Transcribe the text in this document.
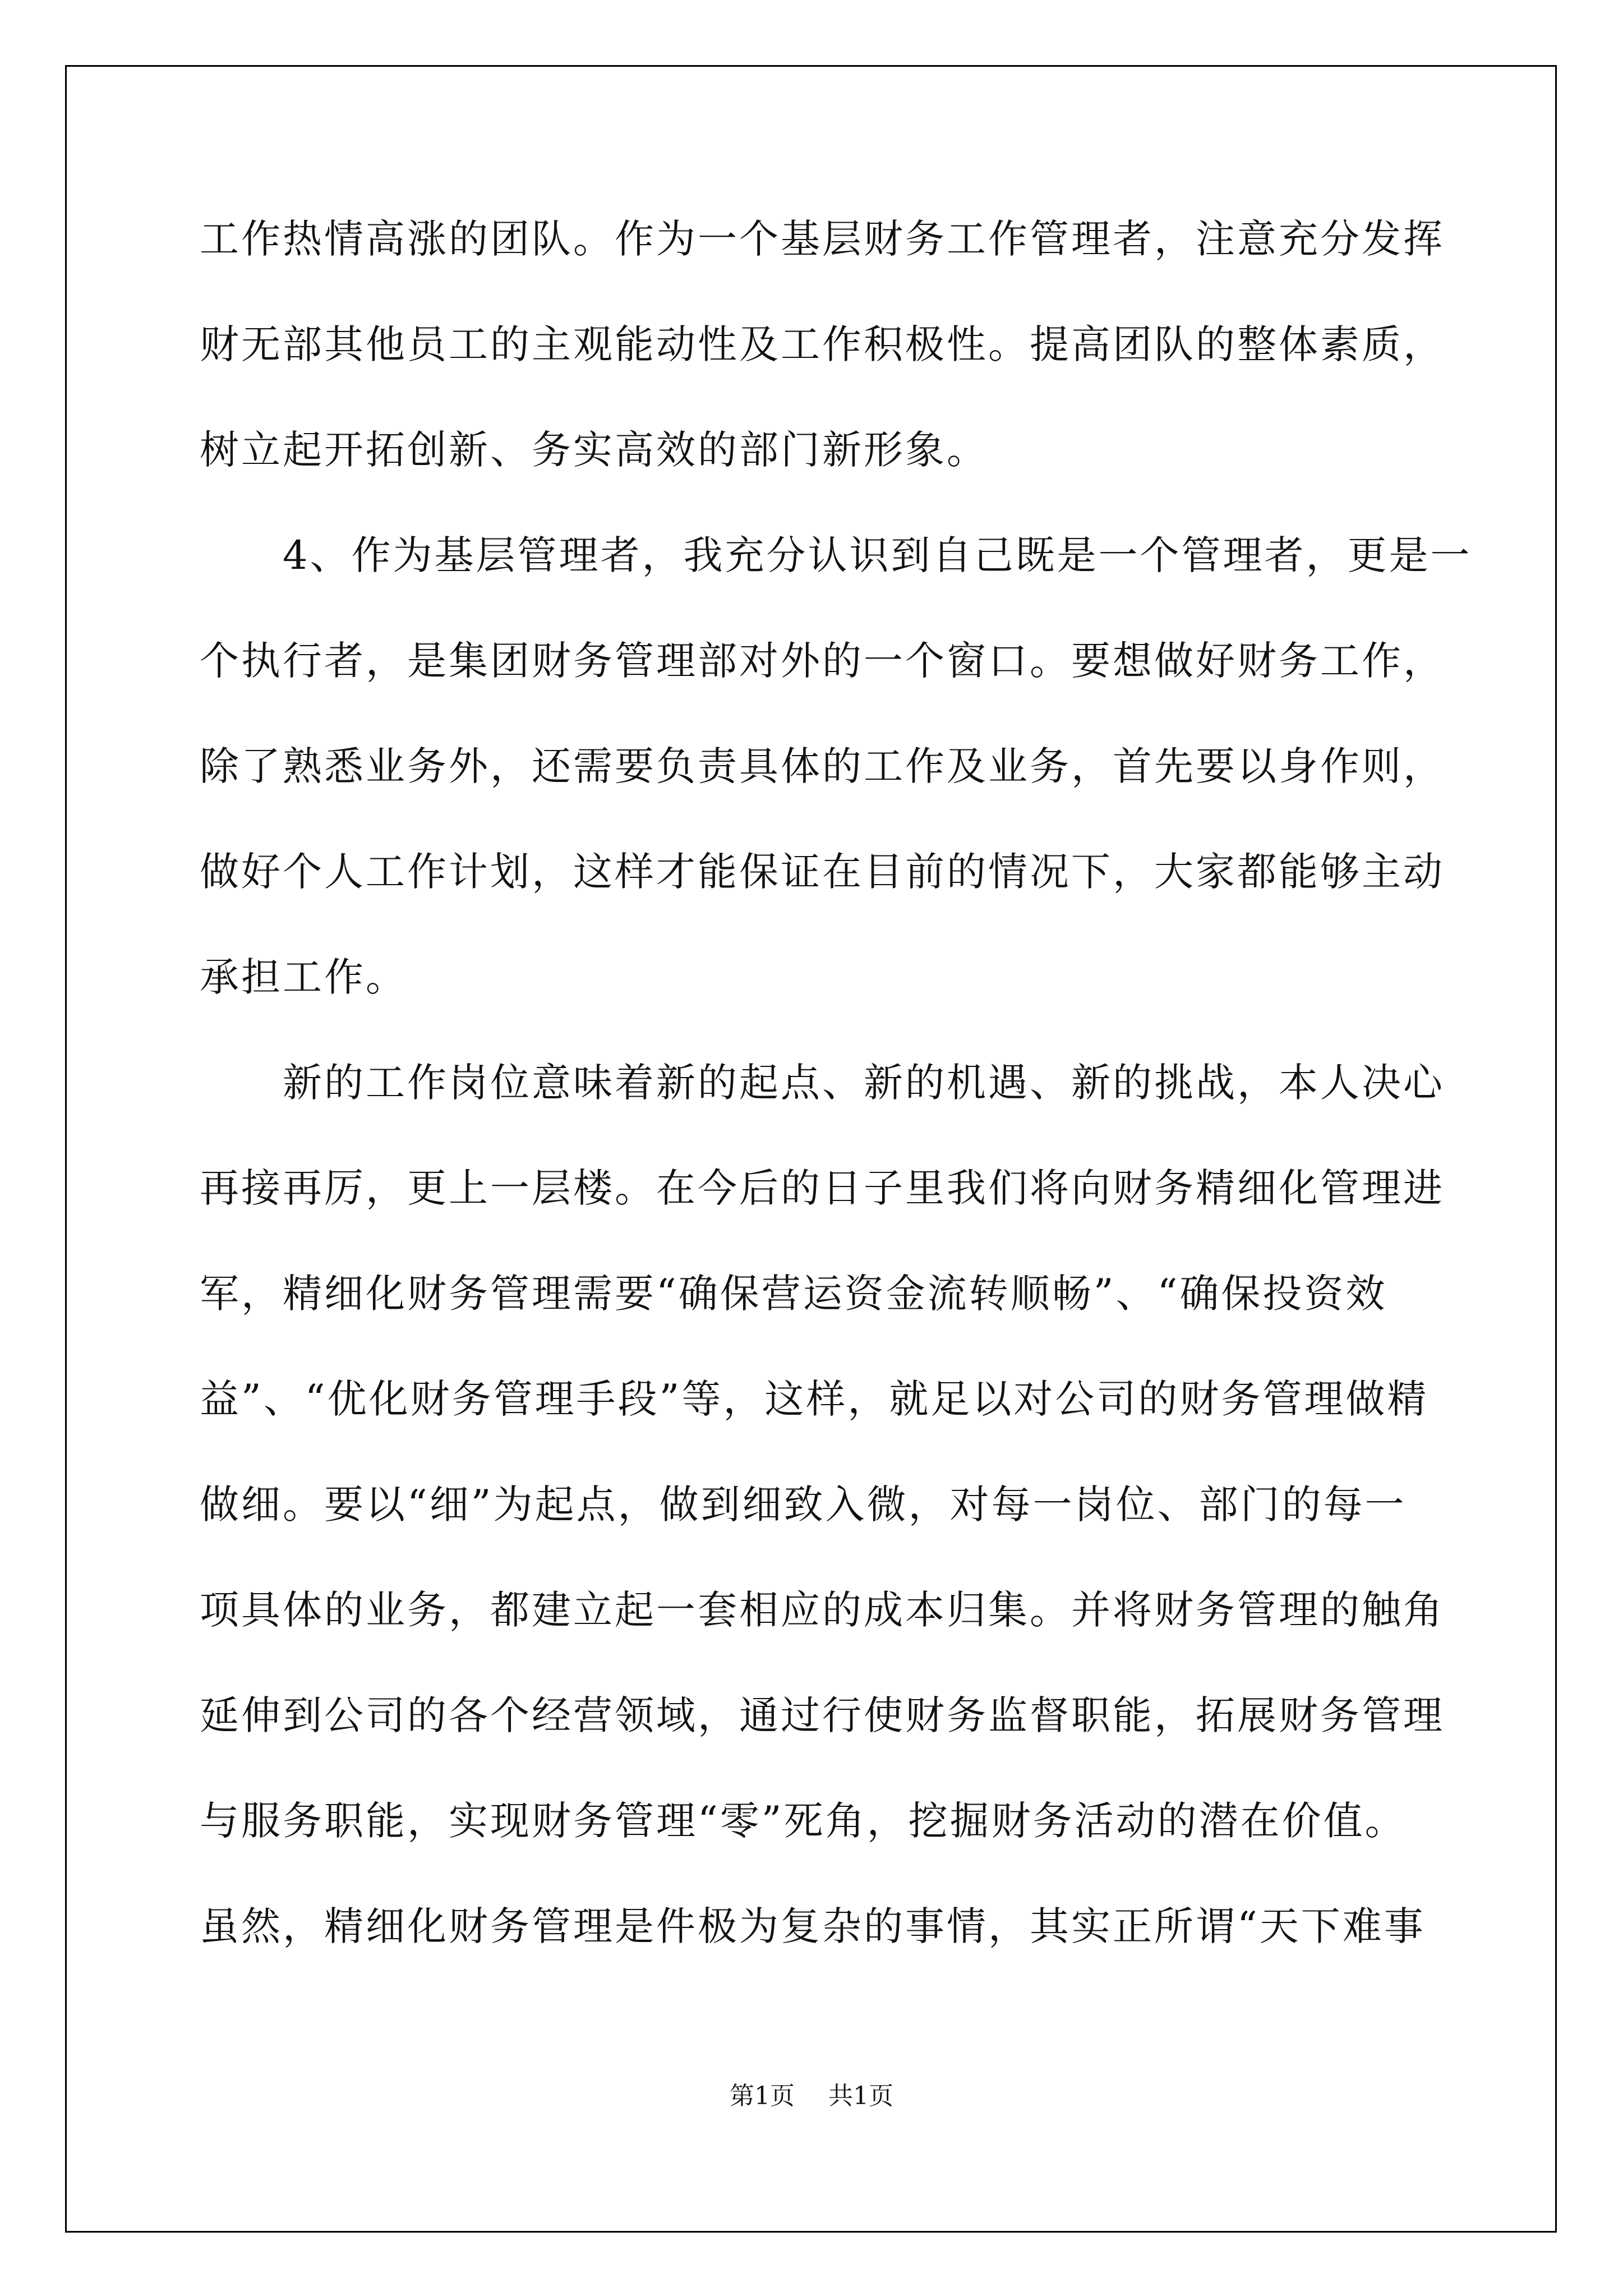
工作热情高涨的团队。作为一个基层财务工作管理者，注意充分发挥
财无部其他员工的主观能动性及工作积极性。提高团队的整体素质，
树立起开拓创新、务实高效的部门新形象。
4、作为基层管理者，我充分认识到自己既是一个管理者，更是一
个执行者，是集团财务管理部对外的一个窗口。要想做好财务工作，
除了熟悉业务外，还需要负责具体的工作及业务，首先要以身作则，
做好个人工作计划，这样才能保证在目前的情况下，大家都能够主动
承担工作。
新的工作岗位意味着新的起点、新的机遇、新的挑战，本人决心
再接再厉，更上一层楼。在今后的日子里我们将向财务精细化管理进
军，精细化财务管理需要“确保营运资金流转顺畅”、“确保投资效
益”、“优化财务管理手段”等，这样，就足以对公司的财务管理做精
做细。要以“细”为起点，做到细致入微，对每一岗位、部门的每一
项具体的业务，都建立起一套相应的成本归集。并将财务管理的触角
延伸到公司的各个经营领域，通过行使财务监督职能，拓展财务管理
与服务职能，实现财务管理“零”死角，挖掘财务活动的潜在价值。
虽然，精细化财务管理是件极为复杂的事情，其实正所谓“天下难事
第1页 共1页
